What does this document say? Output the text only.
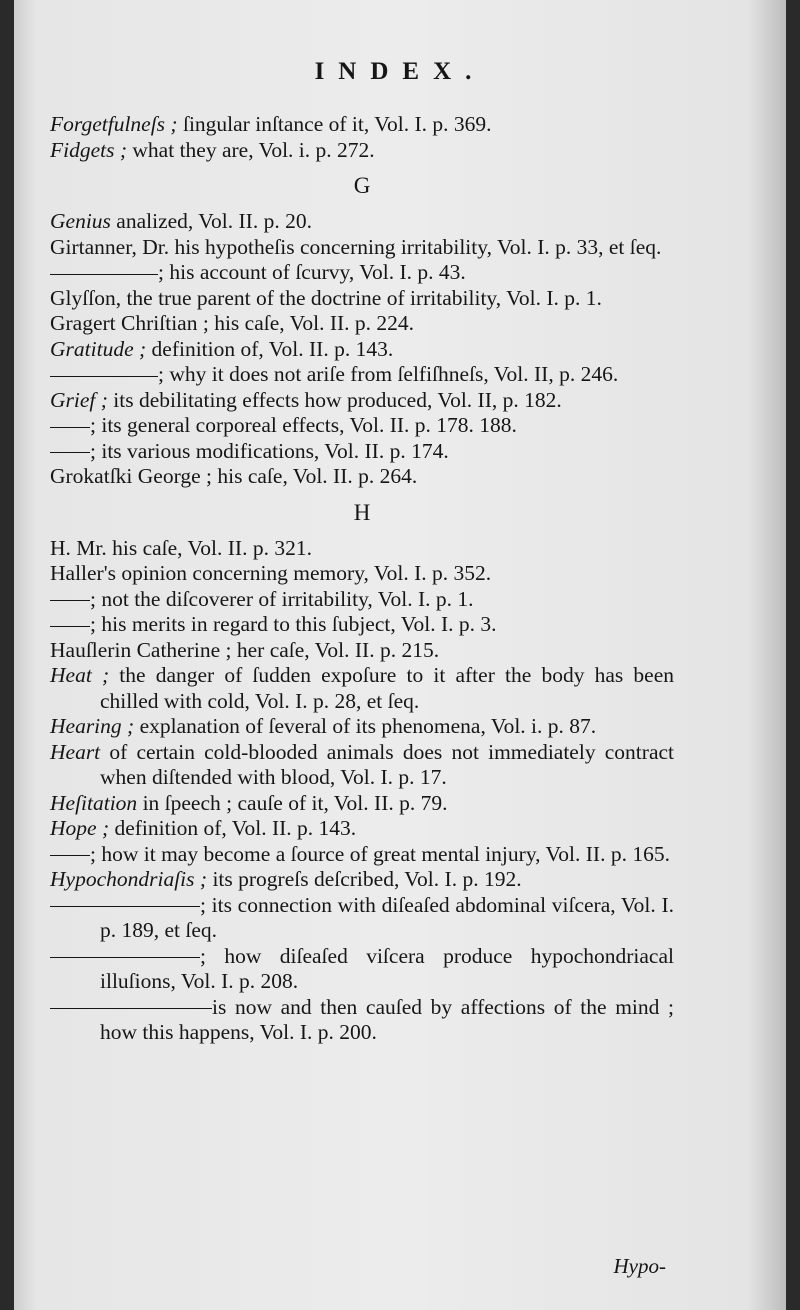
INDEX.
Forgetfulneſs ; ſingular inſtance of it, Vol. I. p. 369.
Fidgets ; what they are, Vol. i. p. 272.
G
Genius analized, Vol. II. p. 20.
Girtanner, Dr. his hypotheſis concerning irritability, Vol. I. p. 33, et ſeq.
; his account of ſcurvy, Vol. I. p. 43.
Glyſſon, the true parent of the doctrine of irritability, Vol. I. p. 1.
Gragert Chriſtian ; his caſe, Vol. II. p. 224.
Gratitude ; definition of, Vol. II. p. 143.
; why it does not ariſe from ſelfiſhneſs, Vol. II, p. 246.
Grief ; its debilitating effects how produced, Vol. II, p. 182.
; its general corporeal effects, Vol. II. p. 178. 188.
; its various modifications, Vol. II. p. 174.
Grokatſki George ; his caſe, Vol. II. p. 264.
H
H. Mr. his caſe, Vol. II. p. 321.
Haller's opinion concerning memory, Vol. I. p. 352.
; not the diſcoverer of irritability, Vol. I. p. 1.
; his merits in regard to this ſubject, Vol. I. p. 3.
Hauſlerin Catherine ; her caſe, Vol. II. p. 215.
Heat ; the danger of ſudden expoſure to it after the body has been chilled with cold, Vol. I. p. 28, et ſeq.
Hearing ; explanation of ſeveral of its phenomena, Vol. i. p. 87.
Heart of certain cold-blooded animals does not immediately contract when diſtended with blood, Vol. I. p. 17.
Heſitation in ſpeech ; cauſe of it, Vol. II. p. 79.
Hope ; definition of, Vol. II. p. 143.
; how it may become a ſource of great mental injury, Vol. II. p. 165.
Hypochondriaſis ; its progreſs deſcribed, Vol. I. p. 192.
; its connection with diſeaſed abdominal viſcera, Vol. I. p. 189, et ſeq.
; how diſeaſed viſcera produce hypochondriacal illuſions, Vol. I. p. 208.
is now and then cauſed by affections of the mind ; how this happens, Vol. I. p. 200.
Hypo-
